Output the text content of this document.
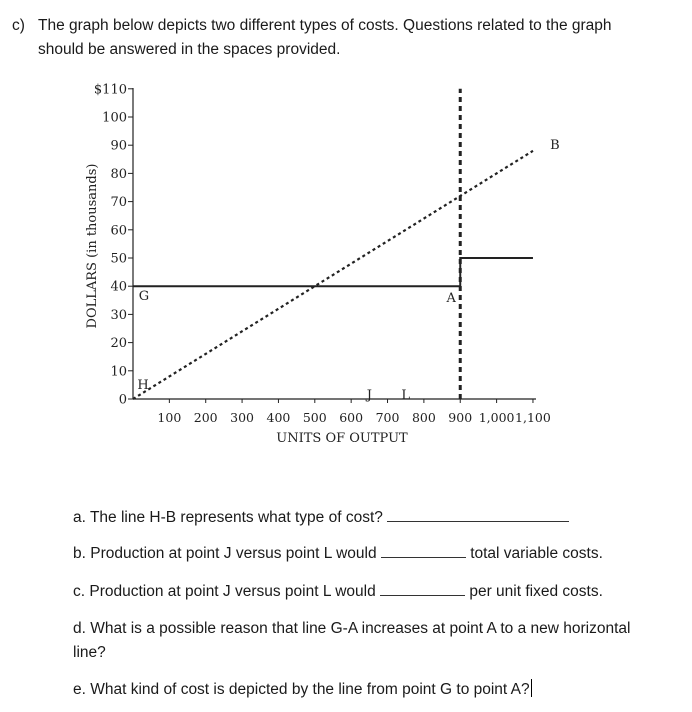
c) The graph below depicts two different types of costs. Questions related to the graph
should be answered in the spaces provided.
DOLLARS (in thousands)
UNITS OF OUTPUT
$110
100
90
80
70
60
50
40
30
20
10
0
100 200 300 400 500 600 700 800 900 1,000 1,100
G
H
A
B
J L
a. The line H-B represents what type of cost?
b. Production at point J versus point L would	total variable costs.
c. Production at point J versus point L would	per unit fixed costs.
d. What is a possible reason that line G-A increases at point A to a new horizontal
line?
e. What kind of cost is depicted by the line from point G to point A?
